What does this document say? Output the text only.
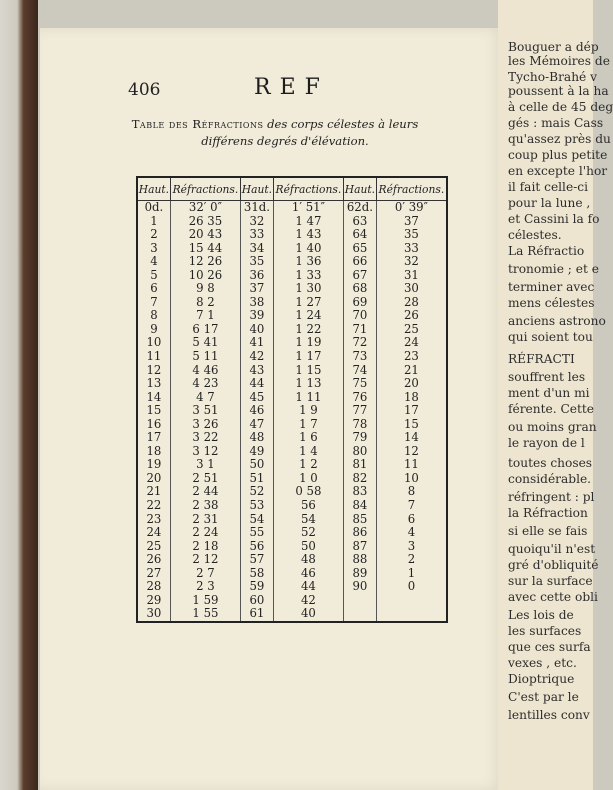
406	REF
Table des Réfractions des corps célestes à leurs
différens degrés d'élévation.
Haut.	Réfractions.	Haut.	Réfractions.	Haut.	Réfractions.
0d.	32′ 0″	31d.	1′ 51″	62d.	0′ 39″
1	26 35	32	1 47	63	37
2	20 43	33	1 43	64	35
3	15 44	34	1 40	65	33
4	12 26	35	1 36	66	32
5	10 26	36	1 33	67	31
6	9 8	37	1 30	68	30
7	8 2	38	1 27	69	28
8	7 1	39	1 24	70	26
9	6 17	40	1 22	71	25
10	5 41	41	1 19	72	24
11	5 11	42	1 17	73	23
12	4 46	43	1 15	74	21
13	4 23	44	1 13	75	20
14	4 7	45	1 11	76	18
15	3 51	46	1 9	77	17
16	3 26	47	1 7	78	15
17	3 22	48	1 6	79	14
18	3 12	49	1 4	80	12
19	3 1	50	1 2	81	11
20	2 51	51	1 0	82	10
21	2 44	52	0 58	83	8
22	2 38	53	56	84	7
23	2 31	54	54	85	6
24	2 24	55	52	86	4
25	2 18	56	50	87	3
26	2 12	57	48	88	2
27	2 7	58	46	89	1
28	2 3	59	44	90	0
29	1 59	60	42		
30	1 55	61	40		
Bouguer a dép
les Mémoires de
Tycho-Brahé v
poussent à la ha
à celle de 45 deg
gés : mais Cass
qu'assez près du
coup plus petite
en excepte l'hor
il fait celle-ci
pour la lune ,
et Cassini la fo
célestes.
La Réfractio
tronomie ; et e
terminer avec
mens célestes
anciens astrono
qui soient tou
RÉFRACTI
souffrent les
ment d'un mi
férente. Cette
ou moins gran
le rayon de l
toutes choses
considérable.
réfringent : pl
la Réfraction
si elle se fais
quoiqu'il n'est
gré d'obliquité
sur la surface
avec cette obli
Les lois de
les surfaces
que ces surfa
vexes , etc.
Dioptrique
C'est par le
lentilles conv
